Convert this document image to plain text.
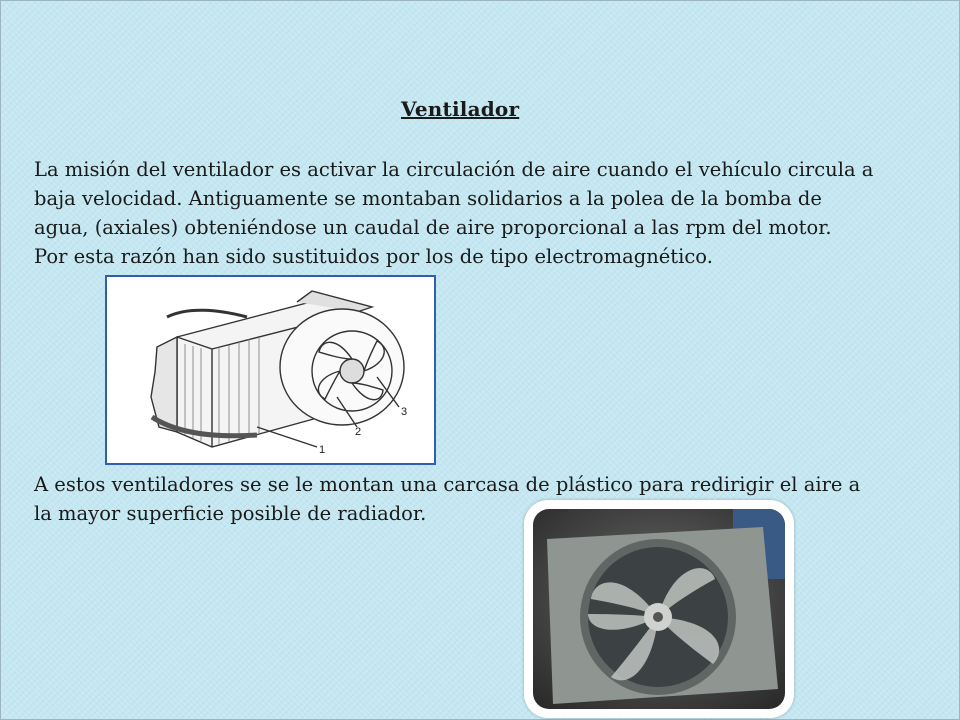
Ventilador

La misión del ventilador es activar la circulación de aire cuando el vehículo circula a
baja velocidad. Antiguamente se montaban solidarios a la polea de la bomba de
agua, (axiales) obteniéndose un caudal de aire proporcional a las rpm del motor.
Por esta razón han sido sustituidos por los de tipo electromagnético.

1
2
3

A estos ventiladores se se le montan una carcasa de plástico para redirigir el aire a
la mayor superficie posible de radiador.
